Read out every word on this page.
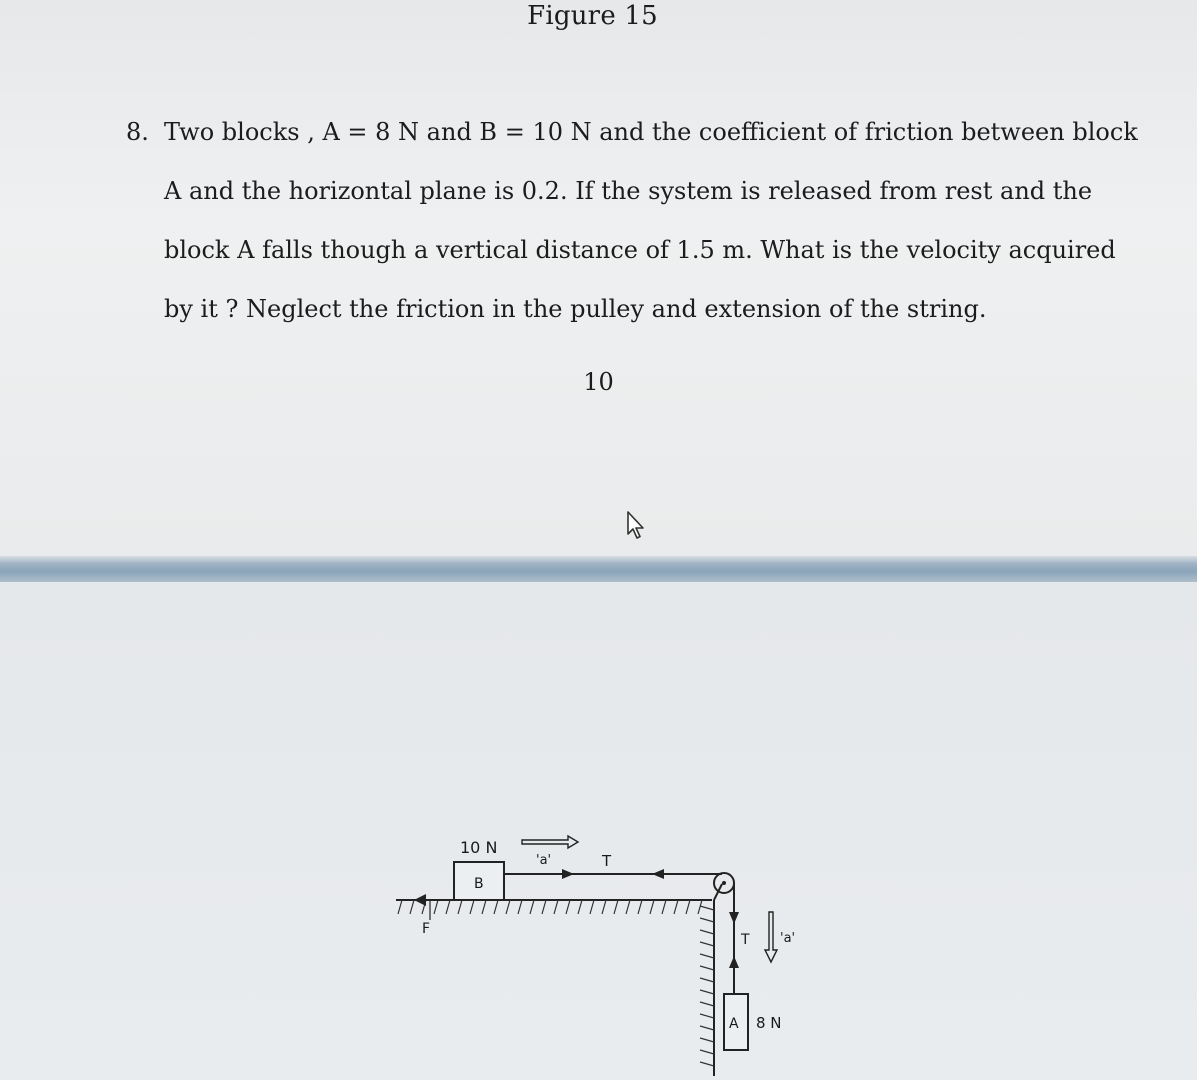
Figure 15
8. Two blocks , A = 8 N and B = 10 N and the coefficient of friction between block
A and the horizontal plane is 0.2. If the system is released from rest and the
block A falls though a vertical distance of 1.5 m. What is the velocity acquired
by it ? Neglect the friction in the pulley and extension of the string.
10
F
B
10 N
'a'	T
T 'a'
A 8 N
